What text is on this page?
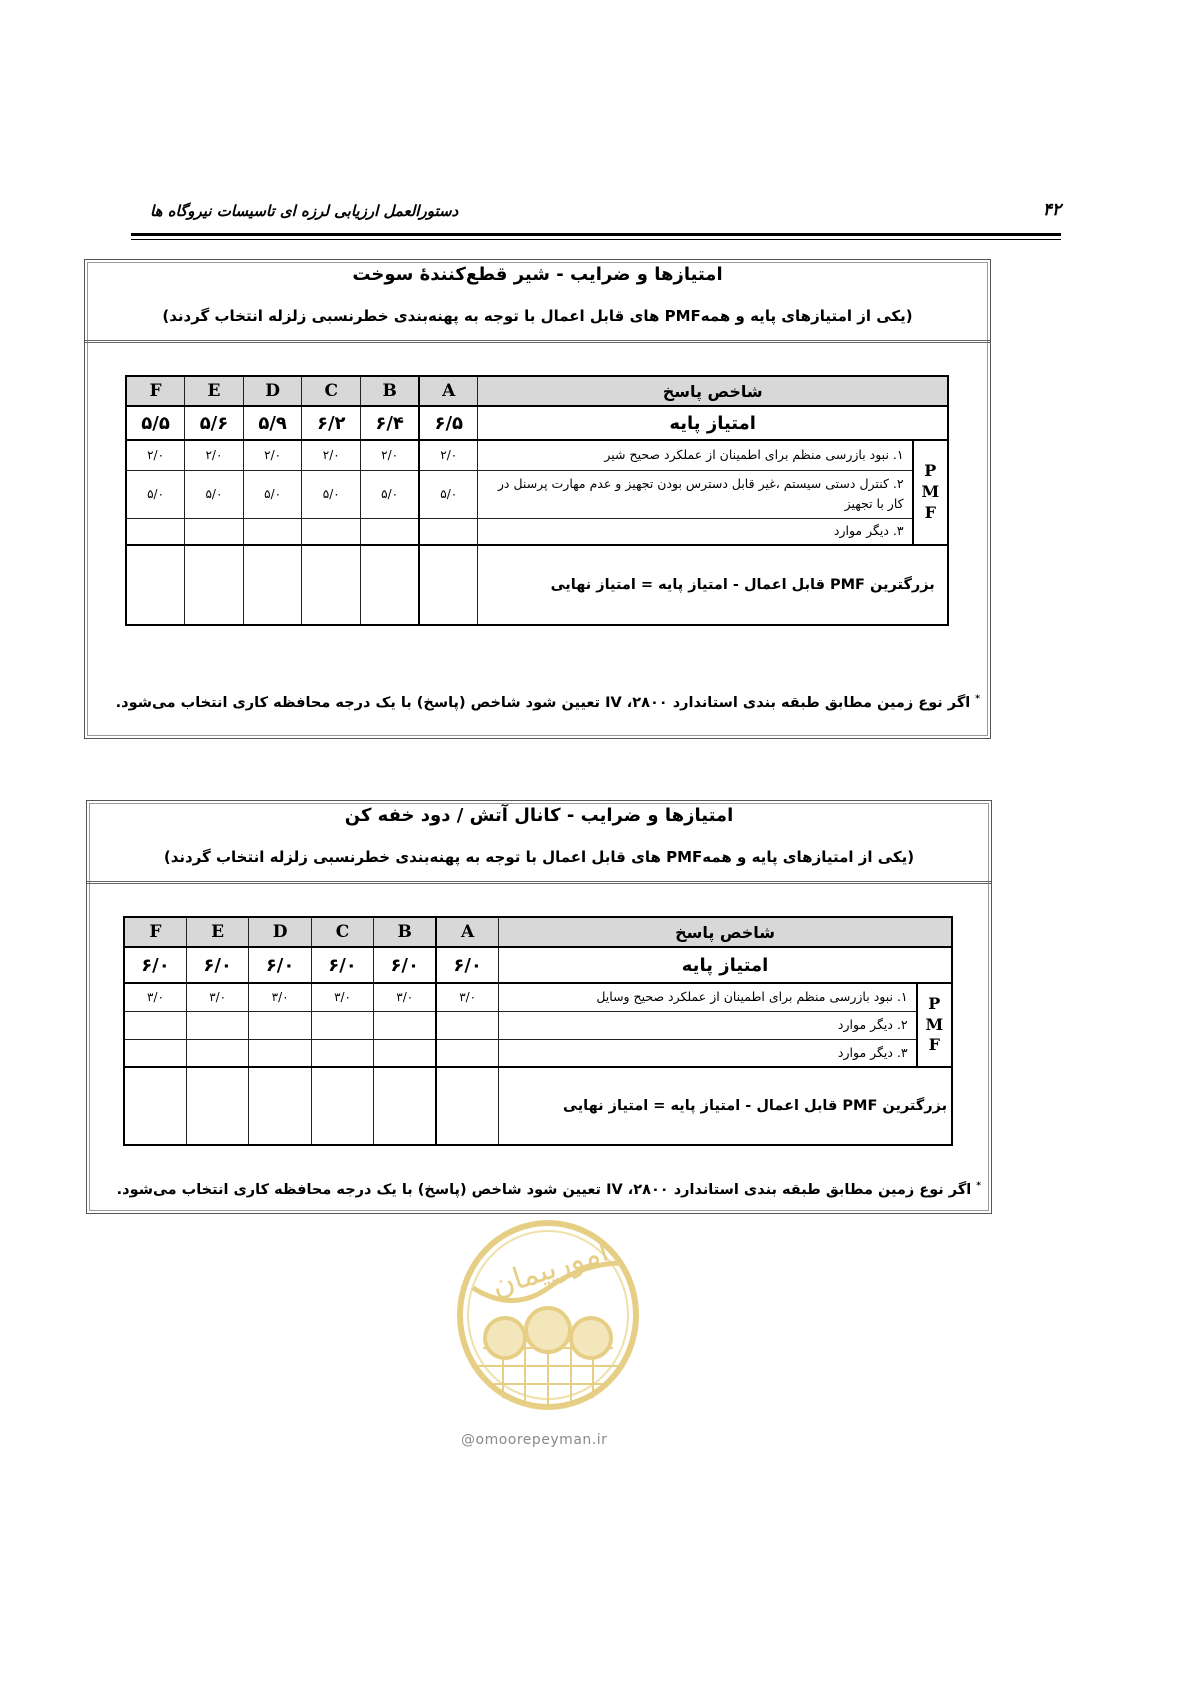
دستورالعمل ارزیابی لرزه ای تاسیسات نیروگاه ها	۴۲
امتیازها و ضرایب - شیر قطع‌کنندهٔ سوخت
(یکی از امتیازهای پایه و همهPMF های قابل اعمال با توجه به پهنه‌بندی خطرنسبی زلزله انتخاب گردند)
F	E	D	C	B	A	شاخص پاسخ	
۵/۵	۵/۶	۵/۹	۶/۲	۶/۴	۶/۵	امتیاز پایه	
۲/۰	۲/۰	۲/۰	۲/۰	۲/۰	۲/۰	۱. نبود بازرسی منظم برای اطمینان از عملکرد صحیح شیر	P
M
F
۵/۰	۵/۰	۵/۰	۵/۰	۵/۰	۵/۰	۲. کنترل دستی سیستم ،غیر قابل دسترس بودن تجهیز و عدم مهارت پرسنل در کار با تجهیز	
						۳. دیگر موارد	
						بزرگترین PMF قابل اعمال - امتیاز پایه = امتیاز نهایی	
* اگر نوع زمین مطابق طبقه بندی استاندارد ۲۸۰۰، IV تعیین شود شاخص (پاسخ) با یک درجه محافظه کاری انتخاب می‌شود.
امتیازها و ضرایب - کانال آتش / دود خفه کن
(یکی از امتیازهای پایه و همهPMF های قابل اعمال با توجه به پهنه‌بندی خطرنسبی زلزله انتخاب گردند)
F	E	D	C	B	A	شاخص پاسخ	
۶/۰	۶/۰	۶/۰	۶/۰	۶/۰	۶/۰	امتیاز پایه	
۳/۰	۳/۰	۳/۰	۳/۰	۳/۰	۳/۰	۱. نبود بازرسی منظم برای اطمینان از عملکرد صحیح وسایل	P
M
F
						۲. دیگر موارد	
						۳. دیگر موارد	
						بزرگترین PMF قابل اعمال - امتیاز پایه = امتیاز نهایی	
* اگر نوع زمین مطابق طبقه بندی استاندارد ۲۸۰۰، IV تعیین شود شاخص (پاسخ) با یک درجه محافظه کاری انتخاب می‌شود.
امورپیمان
@omoorepeyman.ir
